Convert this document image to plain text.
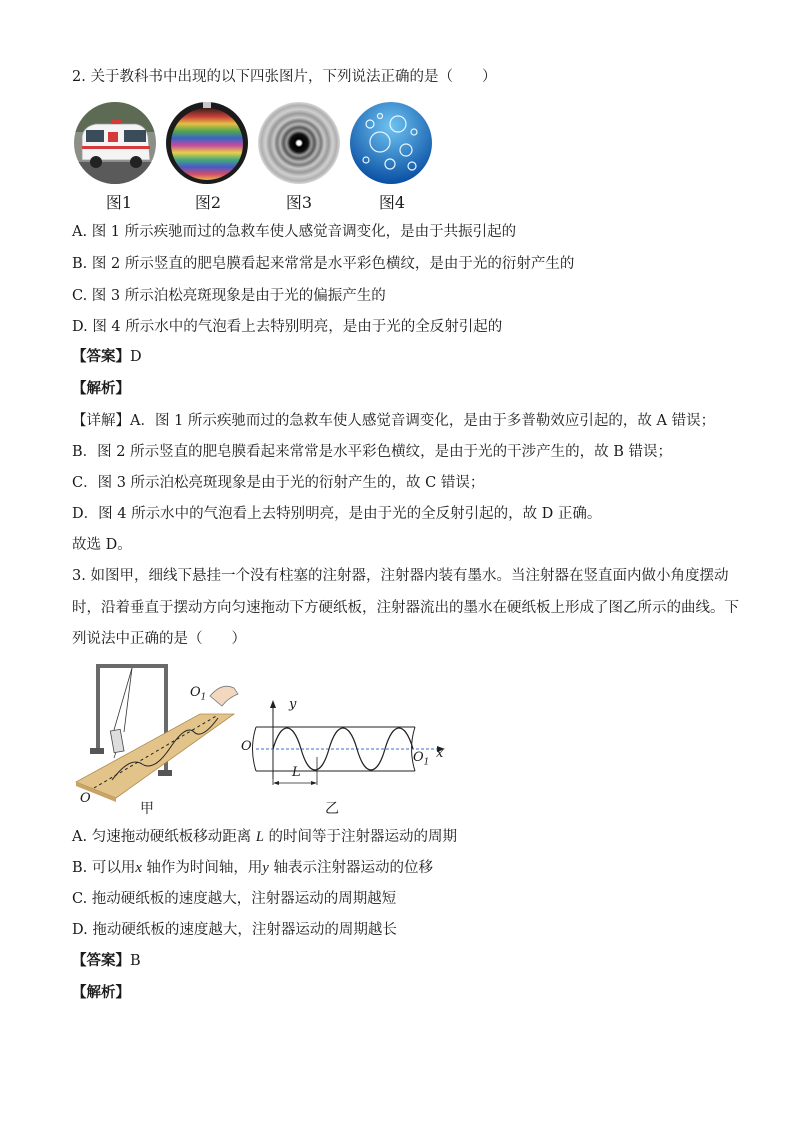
2. 关于教科书中出现的以下四张图片，下列说法正确的是（　　）
图1	图2	图3	图4
A. 图 1 所示疾驰而过的急救车使人感觉音调变化，是由于共振引起的
B. 图 2 所示竖直的肥皂膜看起来常常是水平彩色横纹，是由于光的衍射产生的
C. 图 3 所示泊松亮斑现象是由于光的偏振产生的
D. 图 4 所示水中的气泡看上去特别明亮，是由于光的全反射引起的
【答案】D
【解析】
【详解】A．图 1 所示疾驰而过的急救车使人感觉音调变化，是由于多普勒效应引起的，故 A 错误；
B．图 2 所示竖直的肥皂膜看起来常常是水平彩色横纹，是由于光的干涉产生的，故 B 错误；
C．图 3 所示泊松亮斑现象是由于光的衍射产生的，故 C 错误；
D．图 4 所示水中的气泡看上去特别明亮，是由于光的全反射引起的，故 D 正确。
故选 D。
3. 如图甲，细线下悬挂一个没有柱塞的注射器，注射器内装有墨水。当注射器在竖直面内做小角度摆动
时，沿着垂直于摆动方向匀速拖动下方硬纸板，注射器流出的墨水在硬纸板上形成了图乙所示的曲线。下
列说法中正确的是（　　）
O
$O_1$
甲
y
O
$O_1$
x
L
乙
A. 匀速拖动硬纸板移动距离 L 的时间等于注射器运动的周期
B. 可以用x 轴作为时间轴，用y 轴表示注射器运动的位移
C. 拖动硬纸板的速度越大，注射器运动的周期越短
D. 拖动硬纸板的速度越大，注射器运动的周期越长
【答案】B
【解析】
